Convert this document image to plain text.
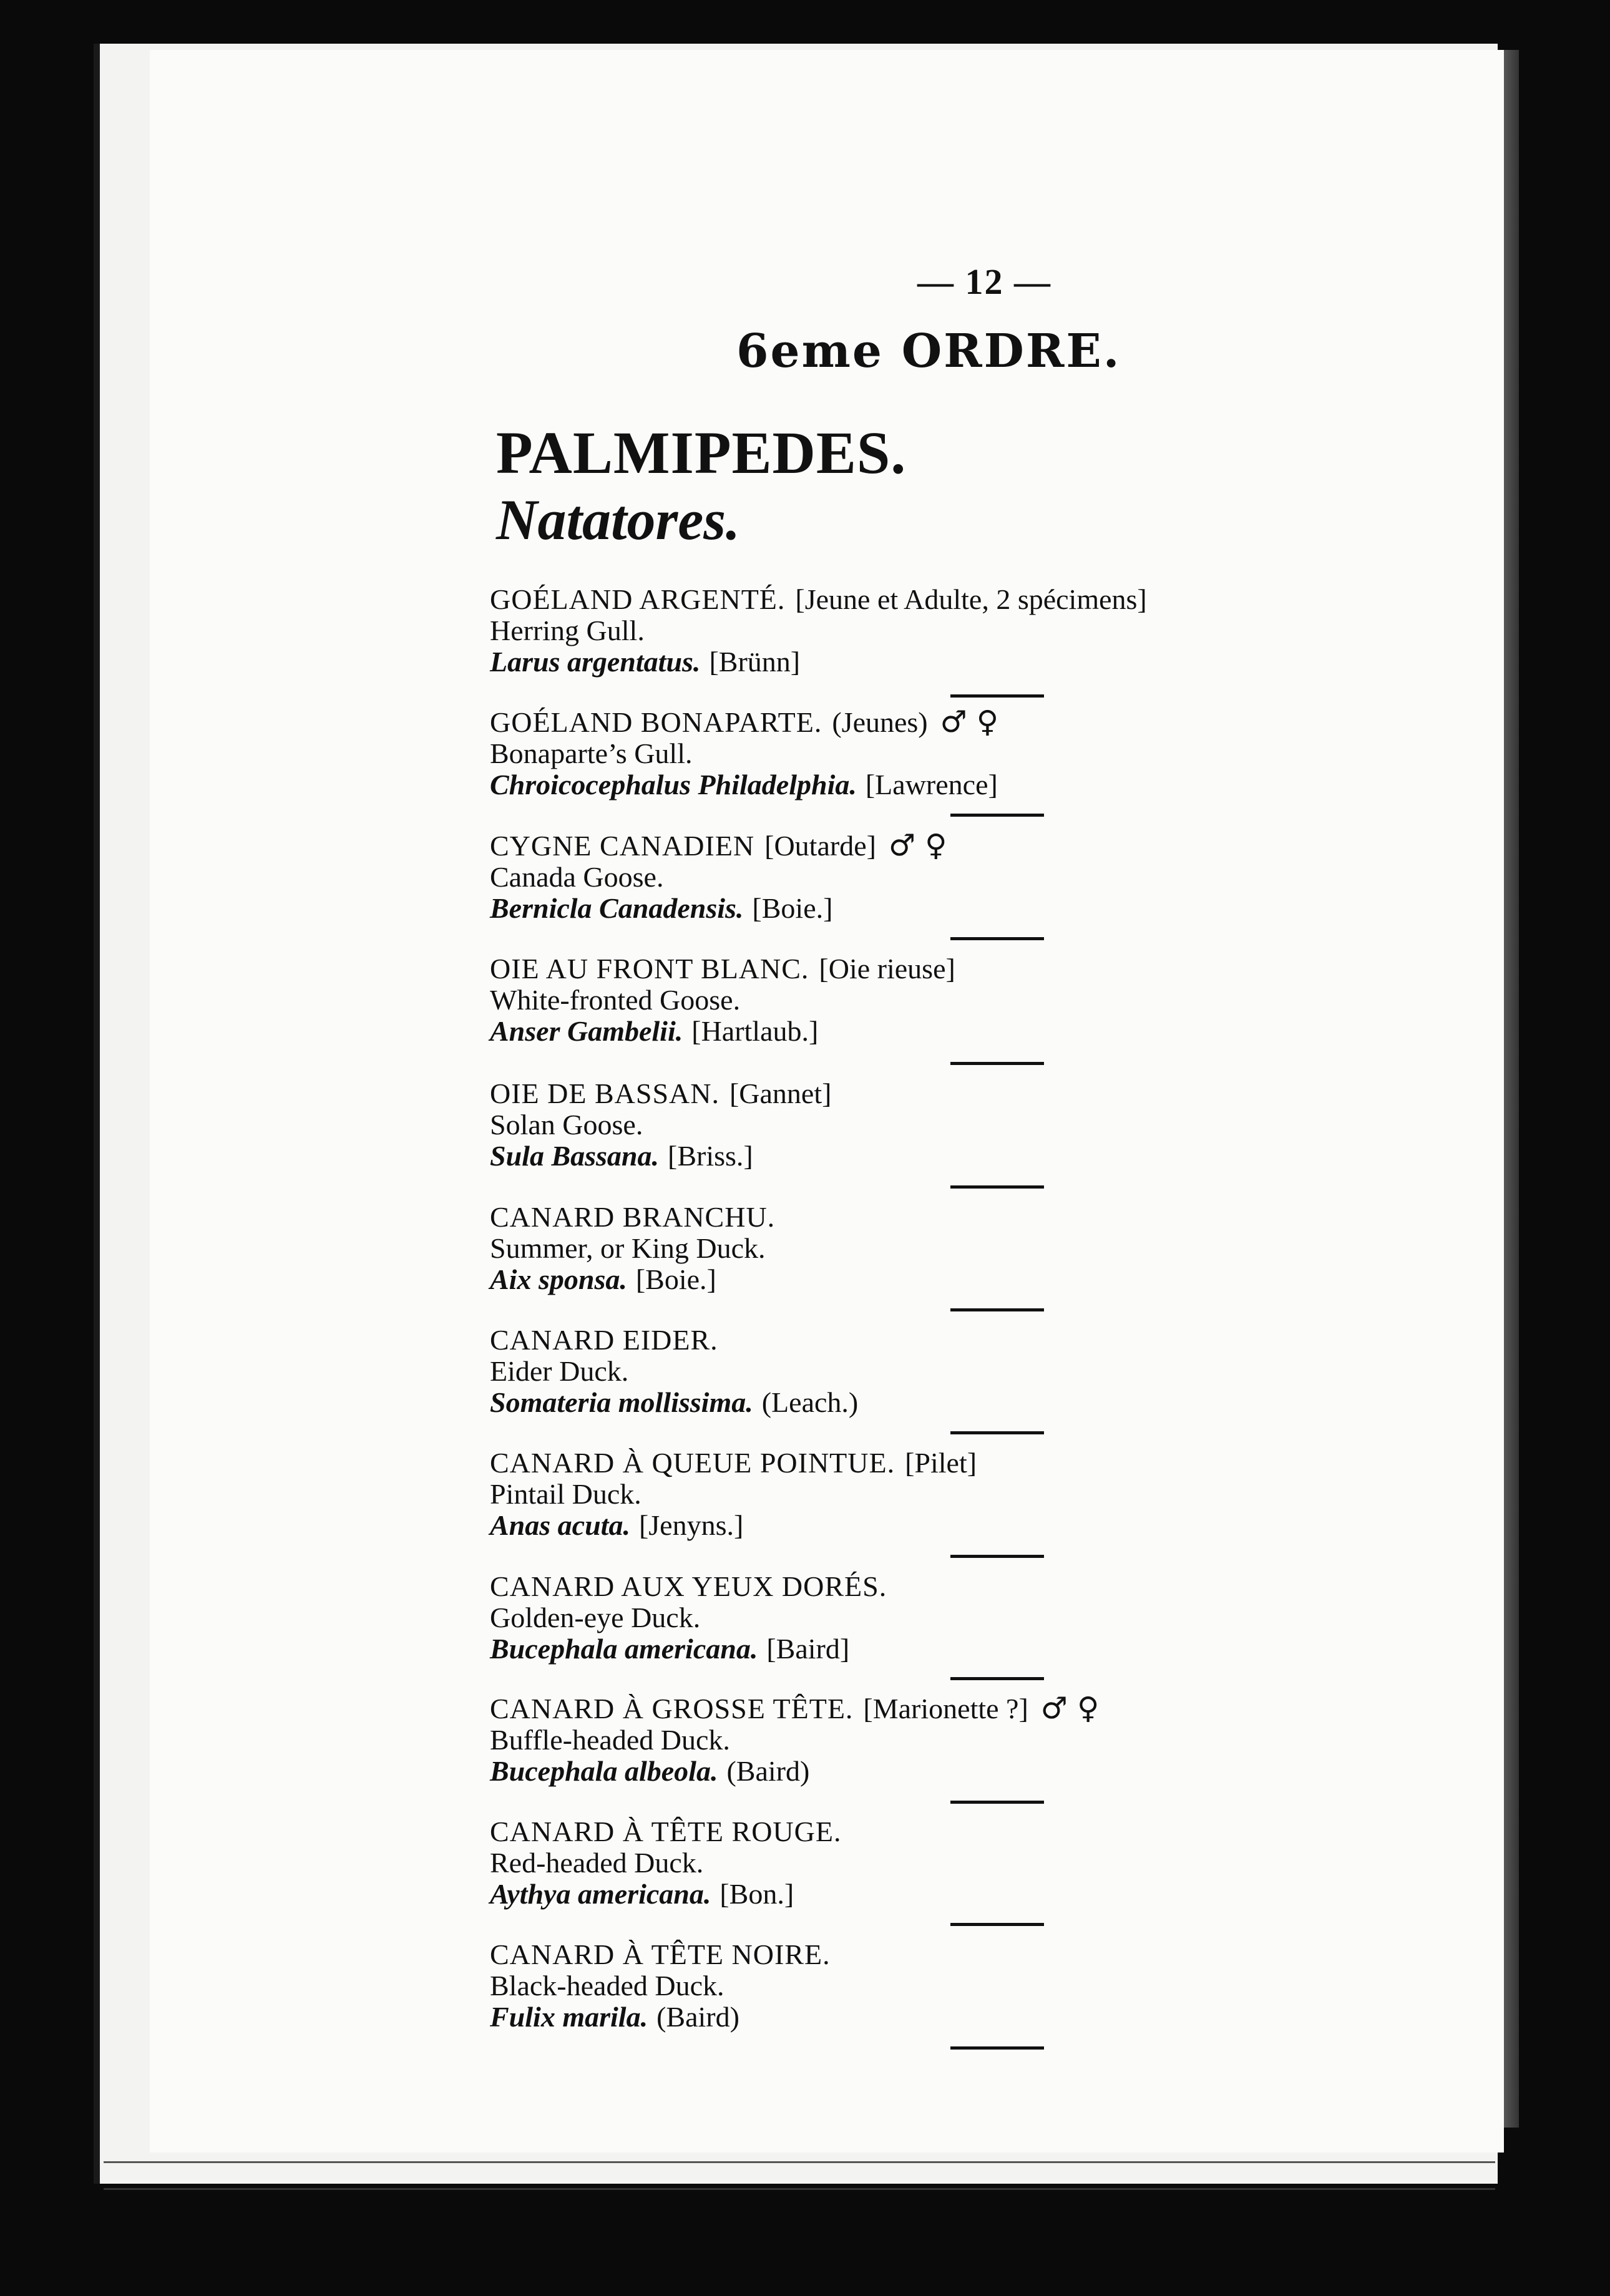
— 12 —
6eme ORDRE.
PALMIPEDES.
Natatores.
GOÉLAND ARGENTÉ. [Jeune et Adulte, 2 spécimens]
Herring Gull.
Larus argentatus. [Brünn]
GOÉLAND BONAPARTE. (Jeunes) ♂ ♀
Bonaparte’s Gull.
Chroicocephalus Philadelphia. [Lawrence]
CYGNE CANADIEN [Outarde] ♂ ♀
Canada Goose.
Bernicla Canadensis. [Boie.]
OIE AU FRONT BLANC. [Oie rieuse]
White-fronted Goose.
Anser Gambelii. [Hartlaub.]
OIE DE BASSAN. [Gannet]
Solan Goose.
Sula Bassana. [Briss.]
CANARD BRANCHU.
Summer, or King Duck.
Aix sponsa. [Boie.]
CANARD EIDER.
Eider Duck.
Somateria mollissima. (Leach.)
CANARD À QUEUE POINTUE. [Pilet]
Pintail Duck.
Anas acuta. [Jenyns.]
CANARD AUX YEUX DORÉS.
Golden-eye Duck.
Bucephala americana. [Baird]
CANARD À GROSSE TÊTE. [Marionette ?] ♂ ♀
Buffle-headed Duck.
Bucephala albeola. (Baird)
CANARD À TÊTE ROUGE.
Red-headed Duck.
Aythya americana. [Bon.]
CANARD À TÊTE NOIRE.
Black-headed Duck.
Fulix marila. (Baird)
